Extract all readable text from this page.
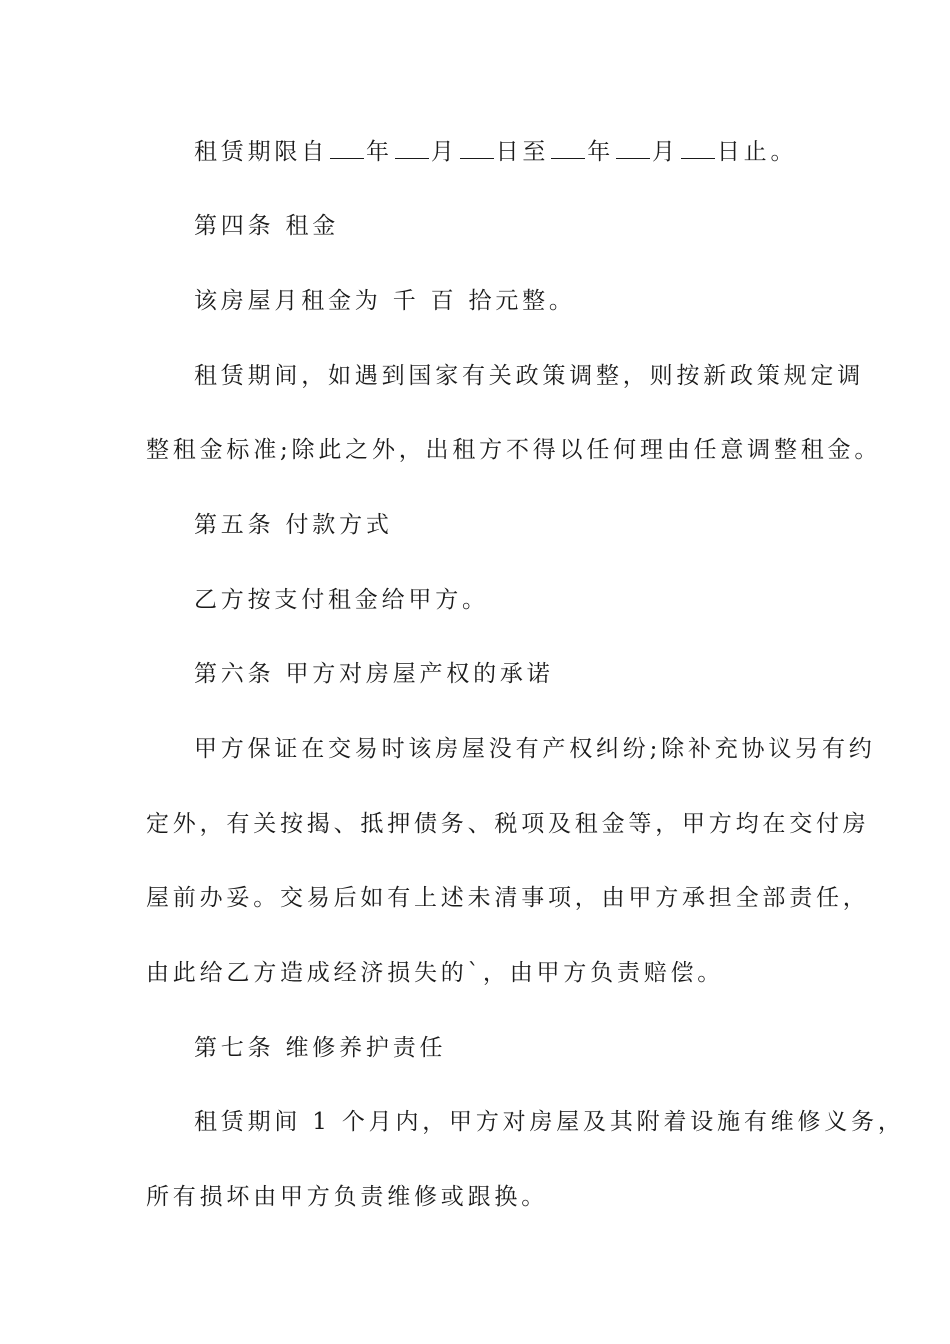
租赁期限自 年 月 日至 年 月 日止。
第四条 租金
该房屋月租金为 千 百 拾元整。
租赁期间，如遇到国家有关政策调整，则按新政策规定调
整租金标准;除此之外，出租方不得以任何理由任意调整租金。
第五条 付款方式
乙方按支付租金给甲方。
第六条 甲方对房屋产权的承诺
甲方保证在交易时该房屋没有产权纠纷;除补充协议另有约
定外，有关按揭、抵押债务、税项及租金等，甲方均在交付房
屋前办妥。交易后如有上述未清事项，由甲方承担全部责任，
由此给乙方造成经济损失的`，由甲方负责赔偿。
第七条 维修养护责任
租赁期间 1 个月内，甲方对房屋及其附着设施有维修义务，
所有损坏由甲方负责维修或跟换。
